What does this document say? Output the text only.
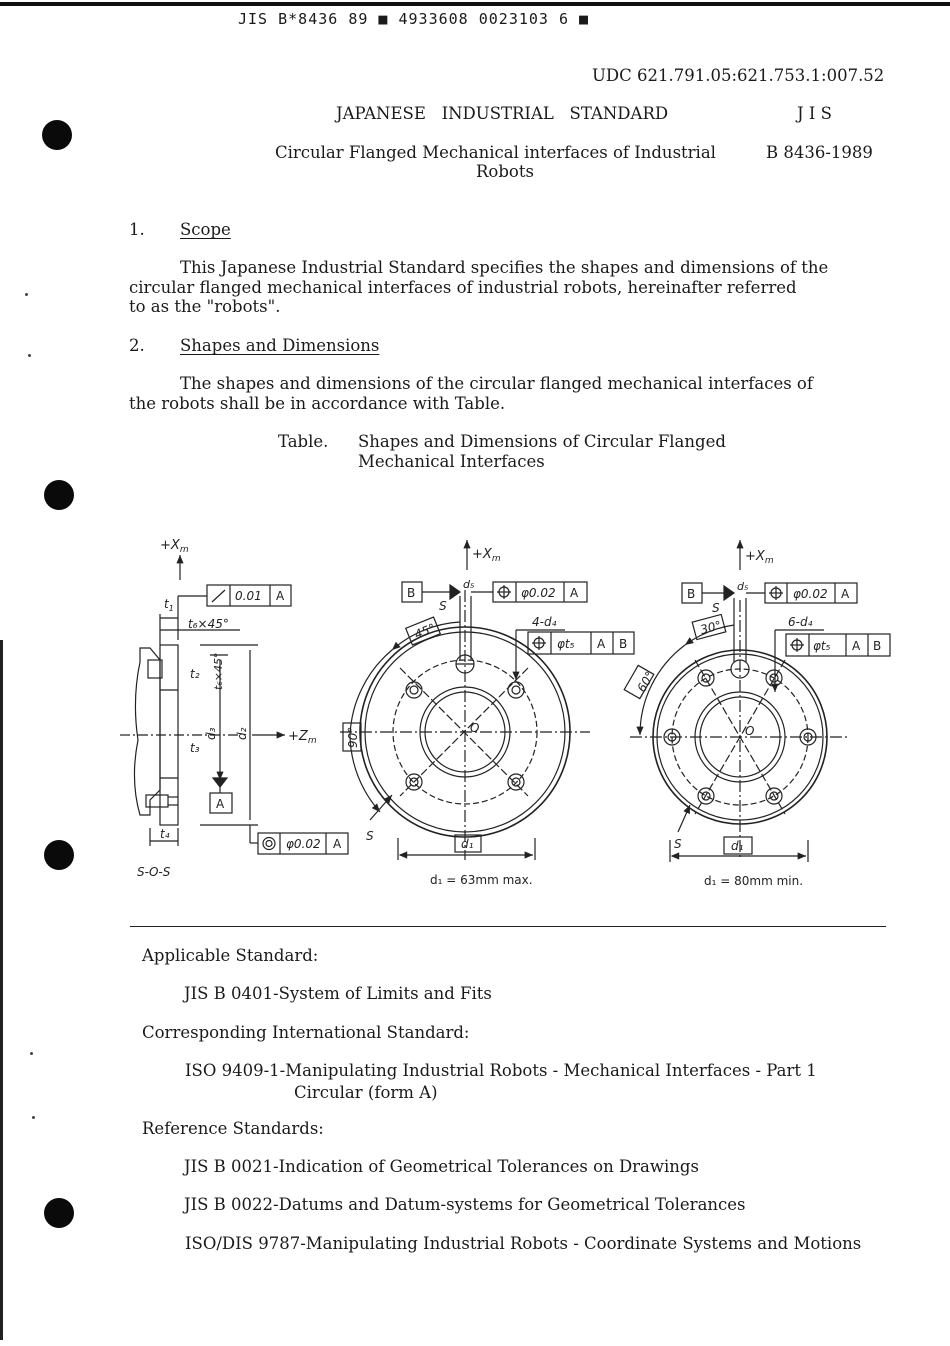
JIS B*8436 89 ■ 4933608 0023103 6 ■
UDC 621.791.05:621.753.1:007.52
JAPANESE   INDUSTRIAL   STANDARD	J I S
Circular Flanged Mechanical interfaces of Industrial
Robots
B 8436-1989
1. Scope
This Japanese Industrial Standard specifies the shapes and dimensions of the
circular flanged mechanical interfaces of industrial robots, hereinafter referred
to as the "robots".
2. Shapes and Dimensions
The shapes and dimensions of the circular flanged mechanical interfaces of
the robots shall be in accordance with Table.
Table. Shapes and Dimensions of Circular Flanged
Mechanical Interfaces
$+X_m$
$+Z_m$
0.01 A
$t_1$
t₆×45°
t₆×45°
t₂
t₃
d₃ d₂
A
t₄
φ0.02 A
S-O-S
$+X_m$
O
B
d₅
φ0.02 A
S
4-d₄
φt₅ A B
45°
90°
S
d₁
$+X_m$
O
B
d₅
φ0.02 A
S
6-d₄
φt₅ A B
30°
60°
S	d₁
d₁ = 63mm max.	d₁ = 80mm min.
Applicable Standard:
JIS B 0401-System of Limits and Fits
Corresponding International Standard:
ISO 9409-1-Manipulating Industrial Robots - Mechanical Interfaces - Part 1
Circular (form A)
Reference Standards:
JIS B 0021-Indication of Geometrical Tolerances on Drawings
JIS B 0022-Datums and Datum-systems for Geometrical Tolerances
ISO/DIS 9787-Manipulating Industrial Robots - Coordinate Systems and Motions
